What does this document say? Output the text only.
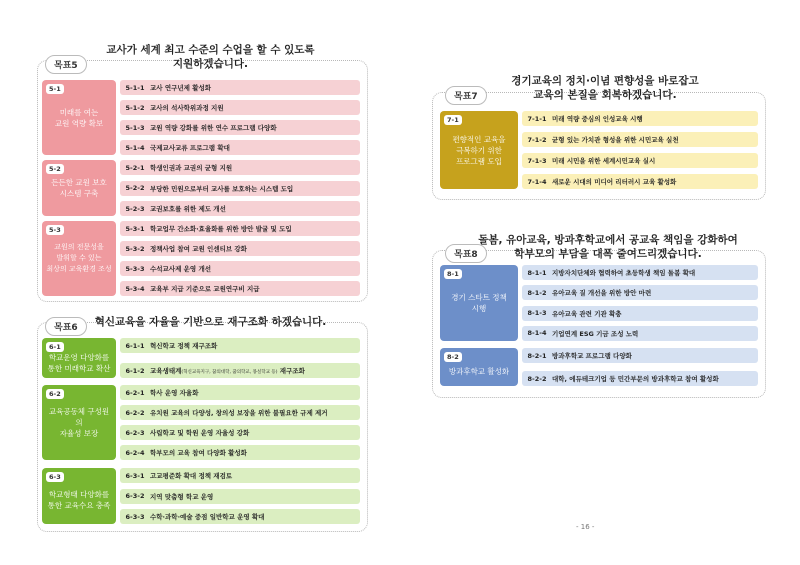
목표5
교사가 세계 최고 수준의 수업을 할 수 있도록
지원하겠습니다.
5-1
미래를 여는
교원 역량 확보
5-1-1 교사 연구년제 활성화
5-1-2 교사의 석사학위과정 지원
5-1-3 교원 역량 강화를 위한 연수 프로그램 다양화
5-1-4 국제교사교류 프로그램 확대
5-2
든든한 교원 보호
시스템 구축
5-2-1 학생인권과 교권의 균형 지원
5-2-2 부당한 민원으로부터 교사를 보호하는 시스템 도입
5-2-3 교권보호를 위한 제도 개선
5-3
교원의 전문성을
발휘할 수 있는
최상의 교육환경 조성
5-3-1 학교업무 간소화·효율화를 위한 방안 발굴 및 도입
5-3-2 정책사업 참여 교원 인센티브 강화
5-3-3 수석교사제 운영 개선
5-3-4 교육부 지급 기준으로 교원연구비 지급
목표6	혁신교육을 자율을 기반으로 재구조화 하겠습니다.
6-1
학교운영 다양화를
통한 미래학교 확산
6-1-1 혁신학교 정책 재구조화
6-1-2 교육생태계(혁신교육지구, 꿈의대학, 꿈의학교, 몽실학교 등) 재구조화
6-2
교육공동체 구성원의
자율성 보장
6-2-1 학사 운영 자율화
6-2-2 유치원 교육의 다양성, 창의성 보장을 위한 불필요한 규제 제거
6-2-3 사립학교 및 학원 운영 자율성 강화
6-2-4 학부모의 교육 참여 다양화 활성화
6-3
학교형태 다양화를
통한 교육수요 충족
6-3-1 고교평준화 확대 정책 재검토
6-3-2 지역 맞춤형 학교 운영
6-3-3 수학·과학·예술 중점 일반학교 운영 확대
목표7
경기교육의 정치·이념 편향성을 바로잡고
교육의 본질을 회복하겠습니다.
7-1
편향적인 교육을
극복하기 위한
프로그램 도입
7-1-1 미래 역량 중심의 인성교육 시행
7-1-2 균형 있는 가치관 형성을 위한 시민교육 실천
7-1-3 미래 시민을 위한 세계시민교육 실시
7-1-4 새로운 시대의 미디어 리터러시 교육 활성화
목표8
돌봄, 유아교육, 방과후학교에서 공교육 책임을 강화하여
학부모의 부담을 대폭 줄여드리겠습니다.
8-1
경기 스타트 정책
시행
8-1-1 지방자치단체와 협력하여 초등학생 책임 돌봄 확대
8-1-2 유아교육 질 개선을 위한 방안 마련
8-1-3 유아교육 관련 기관 확충
8-1-4 기업연계 ESG 기금 조성 노력
8-2
방과후학교 활성화
8-2-1 방과후학교 프로그램 다양화
8-2-2 대학, 에듀테크기업 등 민간부문의 방과후학교 참여 활성화
- 16 -
